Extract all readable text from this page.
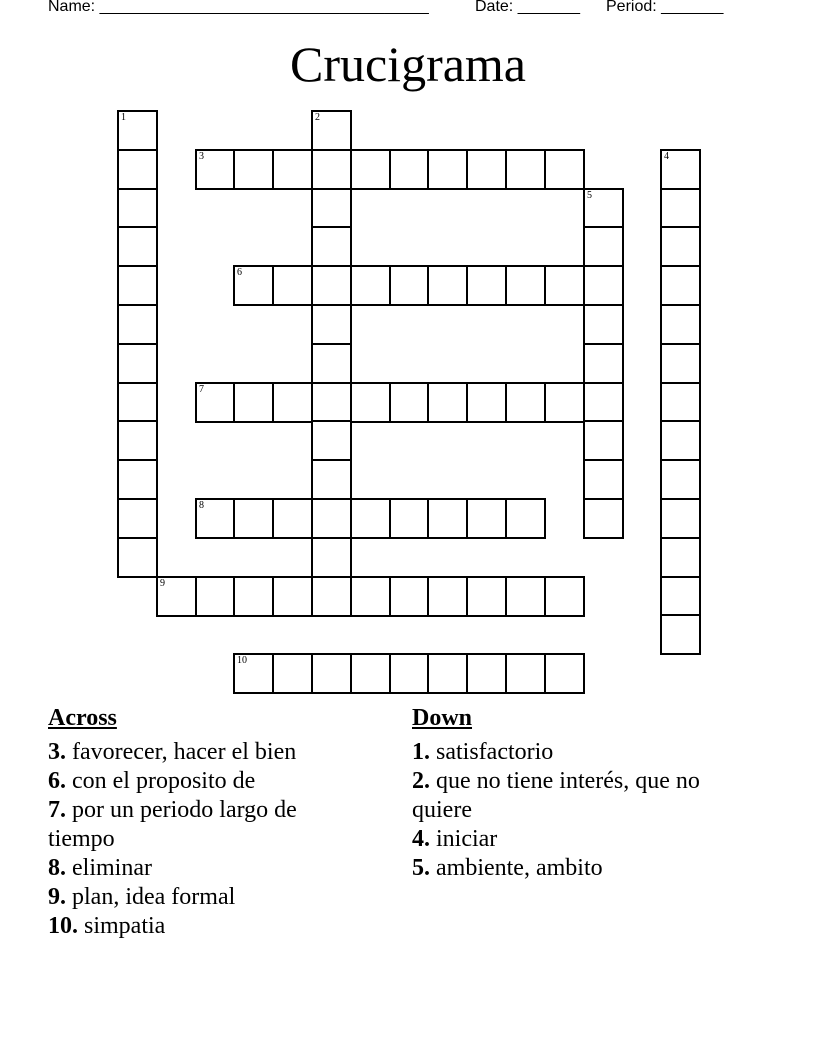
Name: _____________________________________	Date: _______ Period: _______
Crucigrama
1	2
3	4
5
6
7
8
9
10
Across
3. favorecer, hacer el bien
6. con el proposito de
7. por un periodo largo de tiempo
8. eliminar
9. plan, idea formal
10. simpatia
Down
1. satisfactorio
2. que no tiene interés, que no quiere
4. iniciar
5. ambiente, ambito
